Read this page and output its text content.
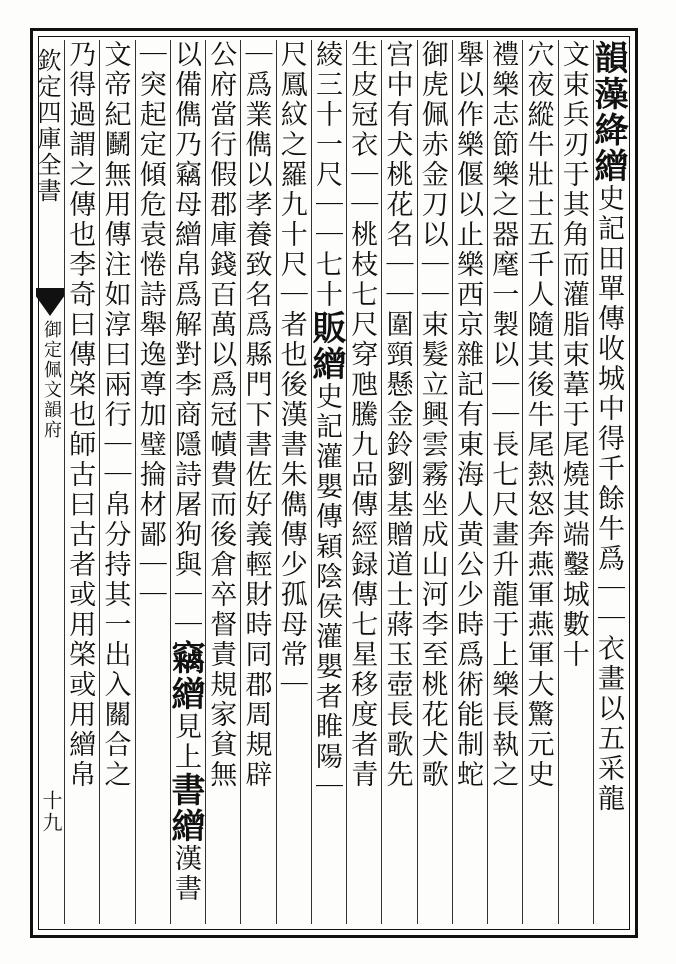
欽定四庫全書
御定佩文韻府
十九
韻藻絳繒史記田單傳收城中得千餘牛爲｜｜衣畫以五采龍
文束兵刃于其角而灌脂束葦于尾燒其端鑿城數十
穴夜縱牛壯士五千人隨其後牛尾熱怒奔燕軍燕軍大驚元史
禮樂志節樂之器麾一製以｜｜長七尺畫升龍于上樂長執之
舉以作樂偃以止樂西京雜記有東海人黄公少時爲術能制蛇
御虎佩赤金刀以｜｜束髮立興雲霧坐成山河李至桃花犬歌
宫中有犬桃花名｜｜圍頸懸金鈴劉基贈道士蔣玉壺長歌先
生皮冠衣｜｜桃枝七尺穿虺騰九品傳經録傳七星移度者青
綾三十一尺｜｜七十販繒史記灌嬰傳穎陰侯灌嬰者睢陽｜
尺鳳紋之羅九十尺｜者也後漢書朱儁傳少孤母常｜
｜爲業儁以孝養致名爲縣門下書佐好義輕財時同郡周規辟
公府當行假郡庫錢百萬以爲冠幘費而後倉卒督責規家貧無
以備儁乃竊母繒帛爲解對李商隱詩屠狗與｜｜竊繒見上書繒漢書
｜突起定傾危袁惓詩舉逸尊加璧掄材鄙｜｜
文帝紀鬭無用傳注如淳曰兩行｜｜帛分持其一出入關合之
乃得過謂之傳也李奇曰傳棨也師古曰古者或用棨或用繒帛
